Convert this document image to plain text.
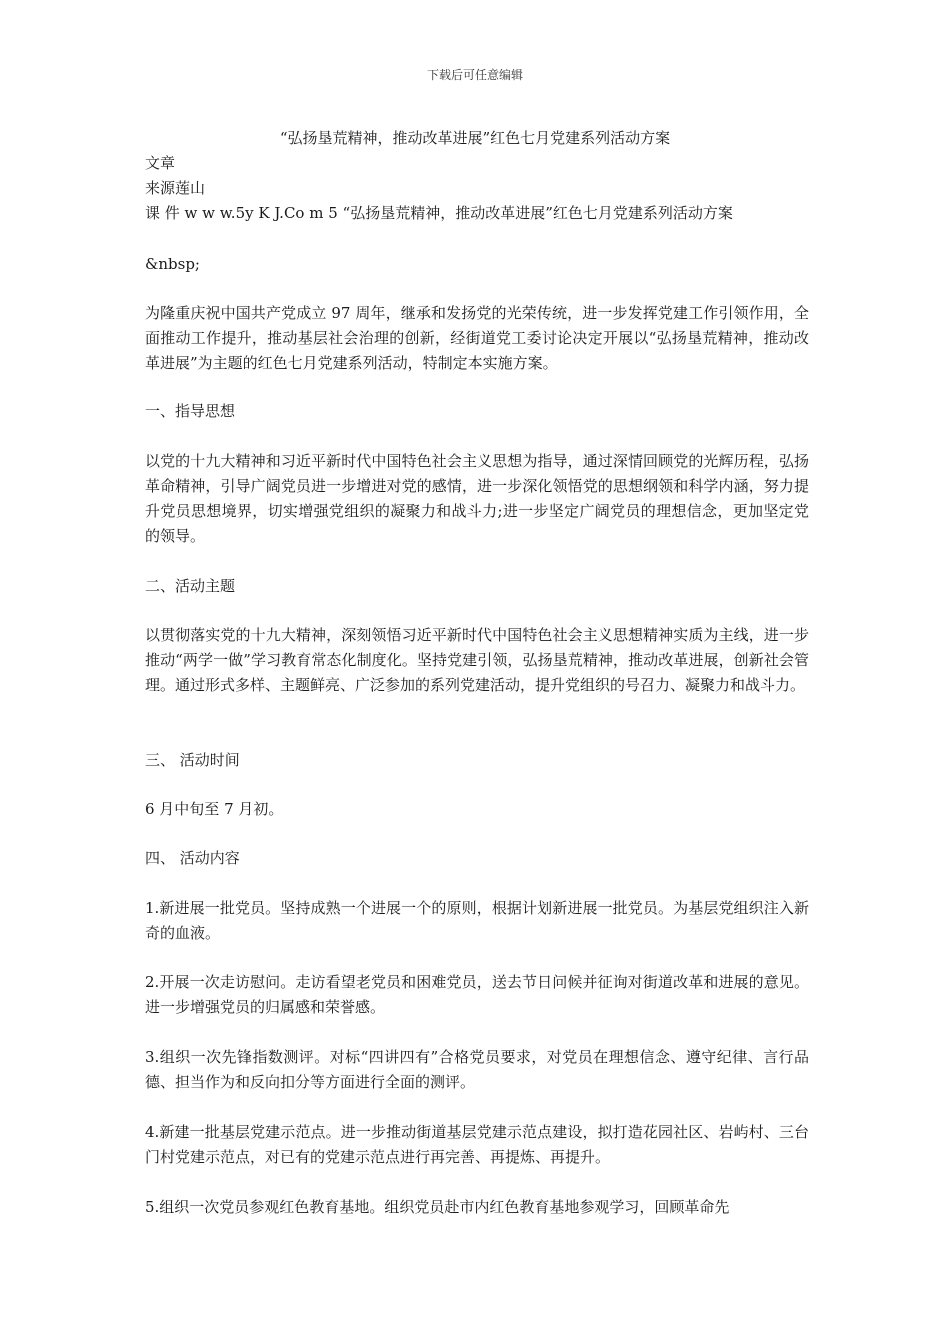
下载后可任意编辑
“弘扬垦荒精神，推动改革进展”红色七月党建系列活动方案
文章
来源莲山
课 件 w w w.5y K J.Co m 5 “弘扬垦荒精神，推动改革进展”红色七月党建系列活动方案
&nbsp;
为隆重庆祝中国共产党成立 97 周年，继承和发扬党的光荣传统，进一步发挥党建工作引领作用，全面推动工作提升，推动基层社会治理的创新，经街道党工委讨论决定开展以“弘扬垦荒精神，推动改革进展”为主题的红色七月党建系列活动，特制定本实施方案。
一、指导思想
以党的十九大精神和习近平新时代中国特色社会主义思想为指导，通过深情回顾党的光辉历程，弘扬革命精神，引导广阔党员进一步增进对党的感情，进一步深化领悟党的思想纲领和科学内涵，努力提升党员思想境界，切实增强党组织的凝聚力和战斗力;进一步坚定广阔党员的理想信念，更加坚定党的领导。
二、活动主题
以贯彻落实党的十九大精神，深刻领悟习近平新时代中国特色社会主义思想精神实质为主线，进一步推动“两学一做”学习教育常态化制度化。坚持党建引领，弘扬垦荒精神，推动改革进展，创新社会管理。通过形式多样、主题鲜亮、广泛参加的系列党建活动，提升党组织的号召力、凝聚力和战斗力。
三、 活动时间
6 月中旬至 7 月初。
四、 活动内容
1.新进展一批党员。坚持成熟一个进展一个的原则，根据计划新进展一批党员。为基层党组织注入新奇的血液。
2.开展一次走访慰问。走访看望老党员和困难党员，送去节日问候并征询对街道改革和进展的意见。进一步增强党员的归属感和荣誉感。
3.组织一次先锋指数测评。对标“四讲四有”合格党员要求，对党员在理想信念、遵守纪律、言行品德、担当作为和反向扣分等方面进行全面的测评。
4.新建一批基层党建示范点。进一步推动街道基层党建示范点建设，拟打造花园社区、岩屿村、三台门村党建示范点，对已有的党建示范点进行再完善、再提炼、再提升。
5.组织一次党员参观红色教育基地。组织党员赴市内红色教育基地参观学习，回顾革命先
